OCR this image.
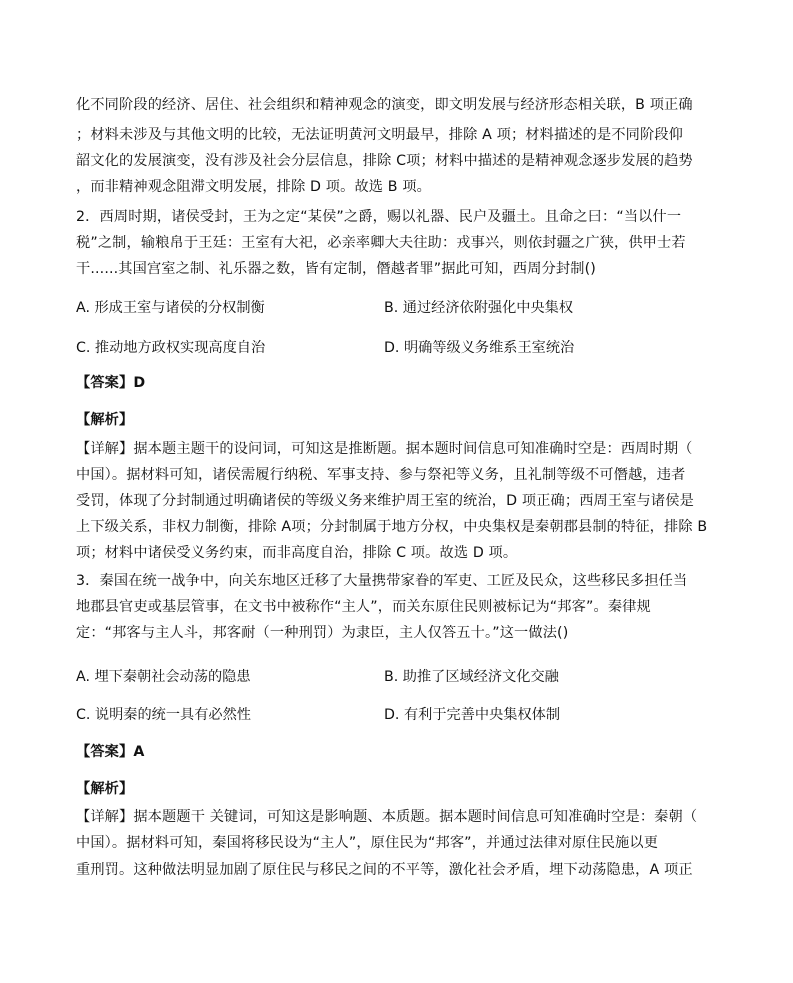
化不同阶段的经济、居住、社会组织和精神观念的演变，即文明发展与经济形态相关联，B 项正确
；材料未涉及与其他文明的比较，无法证明黄河文明最早，排除 A 项；材料描述的是不同阶段仰
韶文化的发展演变，没有涉及社会分层信息，排除 C项；材料中描述的是精神观念逐步发展的趋势
，而非精神观念阻滞文明发展，排除 D 项。故选 B 项。
2．西周时期，诸侯受封，王为之定“某侯”之爵，赐以礼器、民户及疆土。且命之曰：“当以什一
税”之制，输粮帛于王廷：王室有大祀，必亲率卿大夫往助：戎事兴，则依封疆之广狭，供甲士若
干......其国宫室之制、礼乐器之数，皆有定制，僭越者罪”据此可知，西周分封制()
A. 形成王室与诸侯的分权制衡	B. 通过经济依附强化中央集权
C. 推动地方政权实现高度自治	D. 明确等级义务维系王室统治
【答案】D
【解析】
【详解】据本题主题干的设问词，可知这是推断题。据本题时间信息可知准确时空是：西周时期（
中国）。据材料可知，诸侯需履行纳税、军事支持、参与祭祀等义务，且礼制等级不可僭越，违者
受罚，体现了分封制通过明确诸侯的等级义务来维护周王室的统治，D 项正确；西周王室与诸侯是
上下级关系，非权力制衡，排除 A项；分封制属于地方分权，中央集权是秦朝郡县制的特征，排除 B
项；材料中诸侯受义务约束，而非高度自治，排除 C 项。故选 D 项。
3．秦国在统一战争中，向关东地区迁移了大量携带家眷的军吏、工匠及民众，这些移民多担任当
地郡县官吏或基层管事，在文书中被称作“主人”，而关东原住民则被标记为“邦客”。秦律规
定：“邦客与主人斗，邦客耐（一种刑罚）为隶臣，主人仅答五十。”这一做法()
A. 埋下秦朝社会动荡的隐患	B. 助推了区域经济文化交融
C. 说明秦的统一具有必然性	D. 有利于完善中央集权体制
【答案】A
【解析】
【详解】据本题题干 关键词，可知这是影响题、本质题。据本题时间信息可知准确时空是：秦朝（
中国）。据材料可知，秦国将移民设为“主人”，原住民为“邦客”，并通过法律对原住民施以更
重刑罚。这种做法明显加剧了原住民与移民之间的不平等，激化社会矛盾，埋下动荡隐患，A 项正
